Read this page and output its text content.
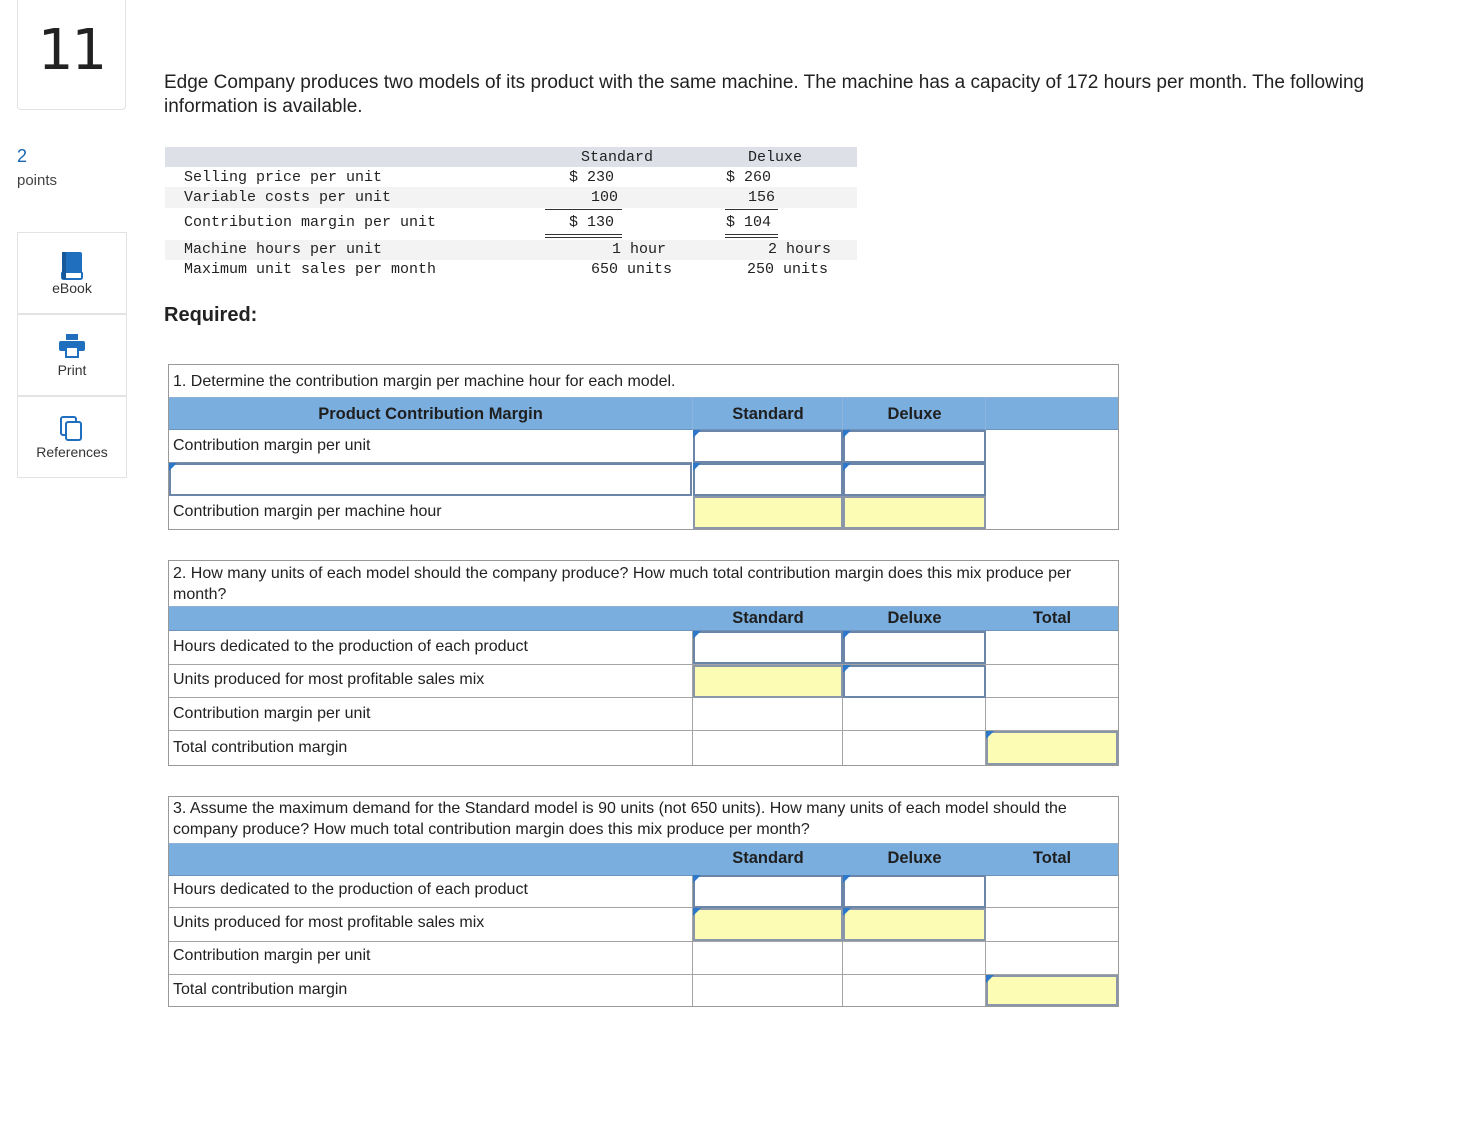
11
2
points
eBook
Print
References
Edge Company produces two models of its product with the same machine. The machine has a capacity of 172 hours per month. The following information is available.
Standard	Deluxe
Selling price per unit	$ 230	$ 260
Variable costs per unit	100	156
Contribution margin per unit	$ 130	$ 104
Machine hours per unit	1 hour	2 hours
Maximum unit sales per month	650 units	250 units
Required:
1. Determine the contribution margin per machine hour for each model.
Product Contribution Margin	Standard	Deluxe
Contribution margin per unit
Contribution margin per machine hour
2. How many units of each model should the company produce? How much total contribution margin does this mix produce per month?
Standard	Deluxe	Total
Hours dedicated to the production of each product
Units produced for most profitable sales mix
Contribution margin per unit
Total contribution margin
3. Assume the maximum demand for the Standard model is 90 units (not 650 units). How many units of each model should the company produce? How much total contribution margin does this mix produce per month?
Standard	Deluxe	Total
Hours dedicated to the production of each product
Units produced for most profitable sales mix
Contribution margin per unit
Total contribution margin
